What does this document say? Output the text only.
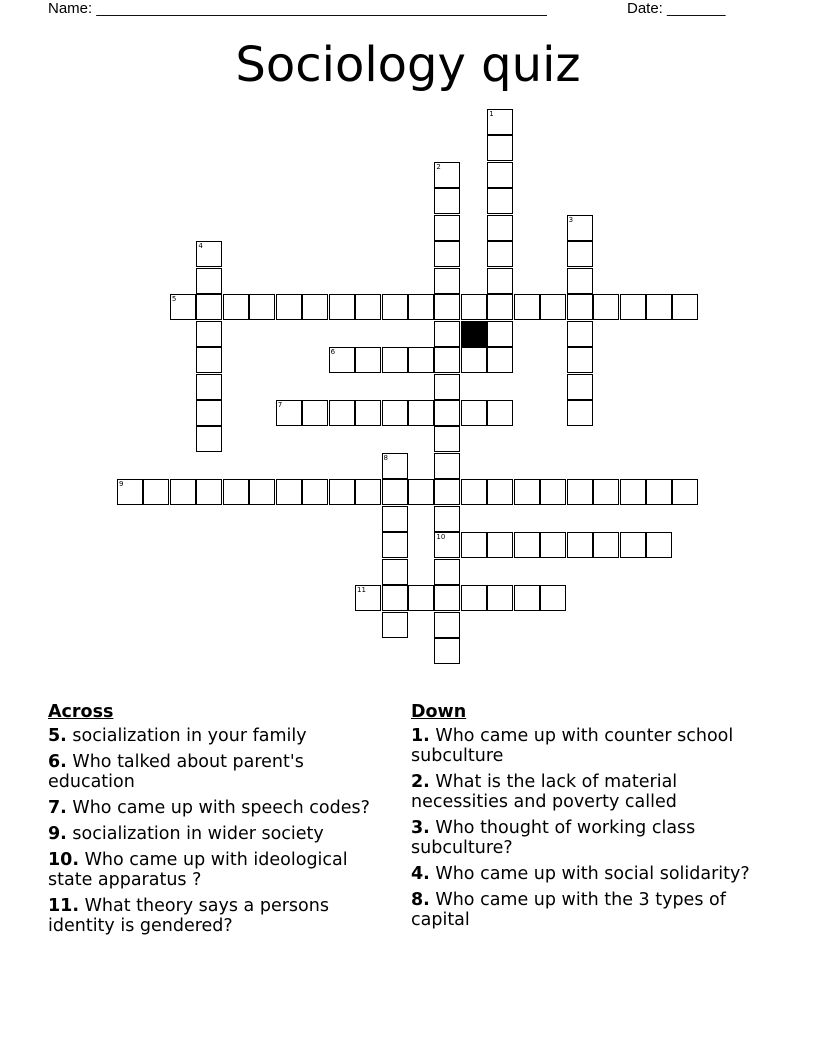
Name: ______________________________________________________	Date: _______
Sociology quiz
1
2
3
4
5
6
7
8
9
10
11
Across
5. socialization in your family
6. Who talked about parent's education
7. Who came up with speech codes?
9. socialization in wider society
10. Who came up with ideological state apparatus ?
11. What theory says a persons identity is gendered?
Down
1. Who came up with counter school subculture
2. What is the lack of material necessities and poverty called
3. Who thought of working class subculture?
4. Who came up with social solidarity?
8. Who came up with the 3 types of capital
